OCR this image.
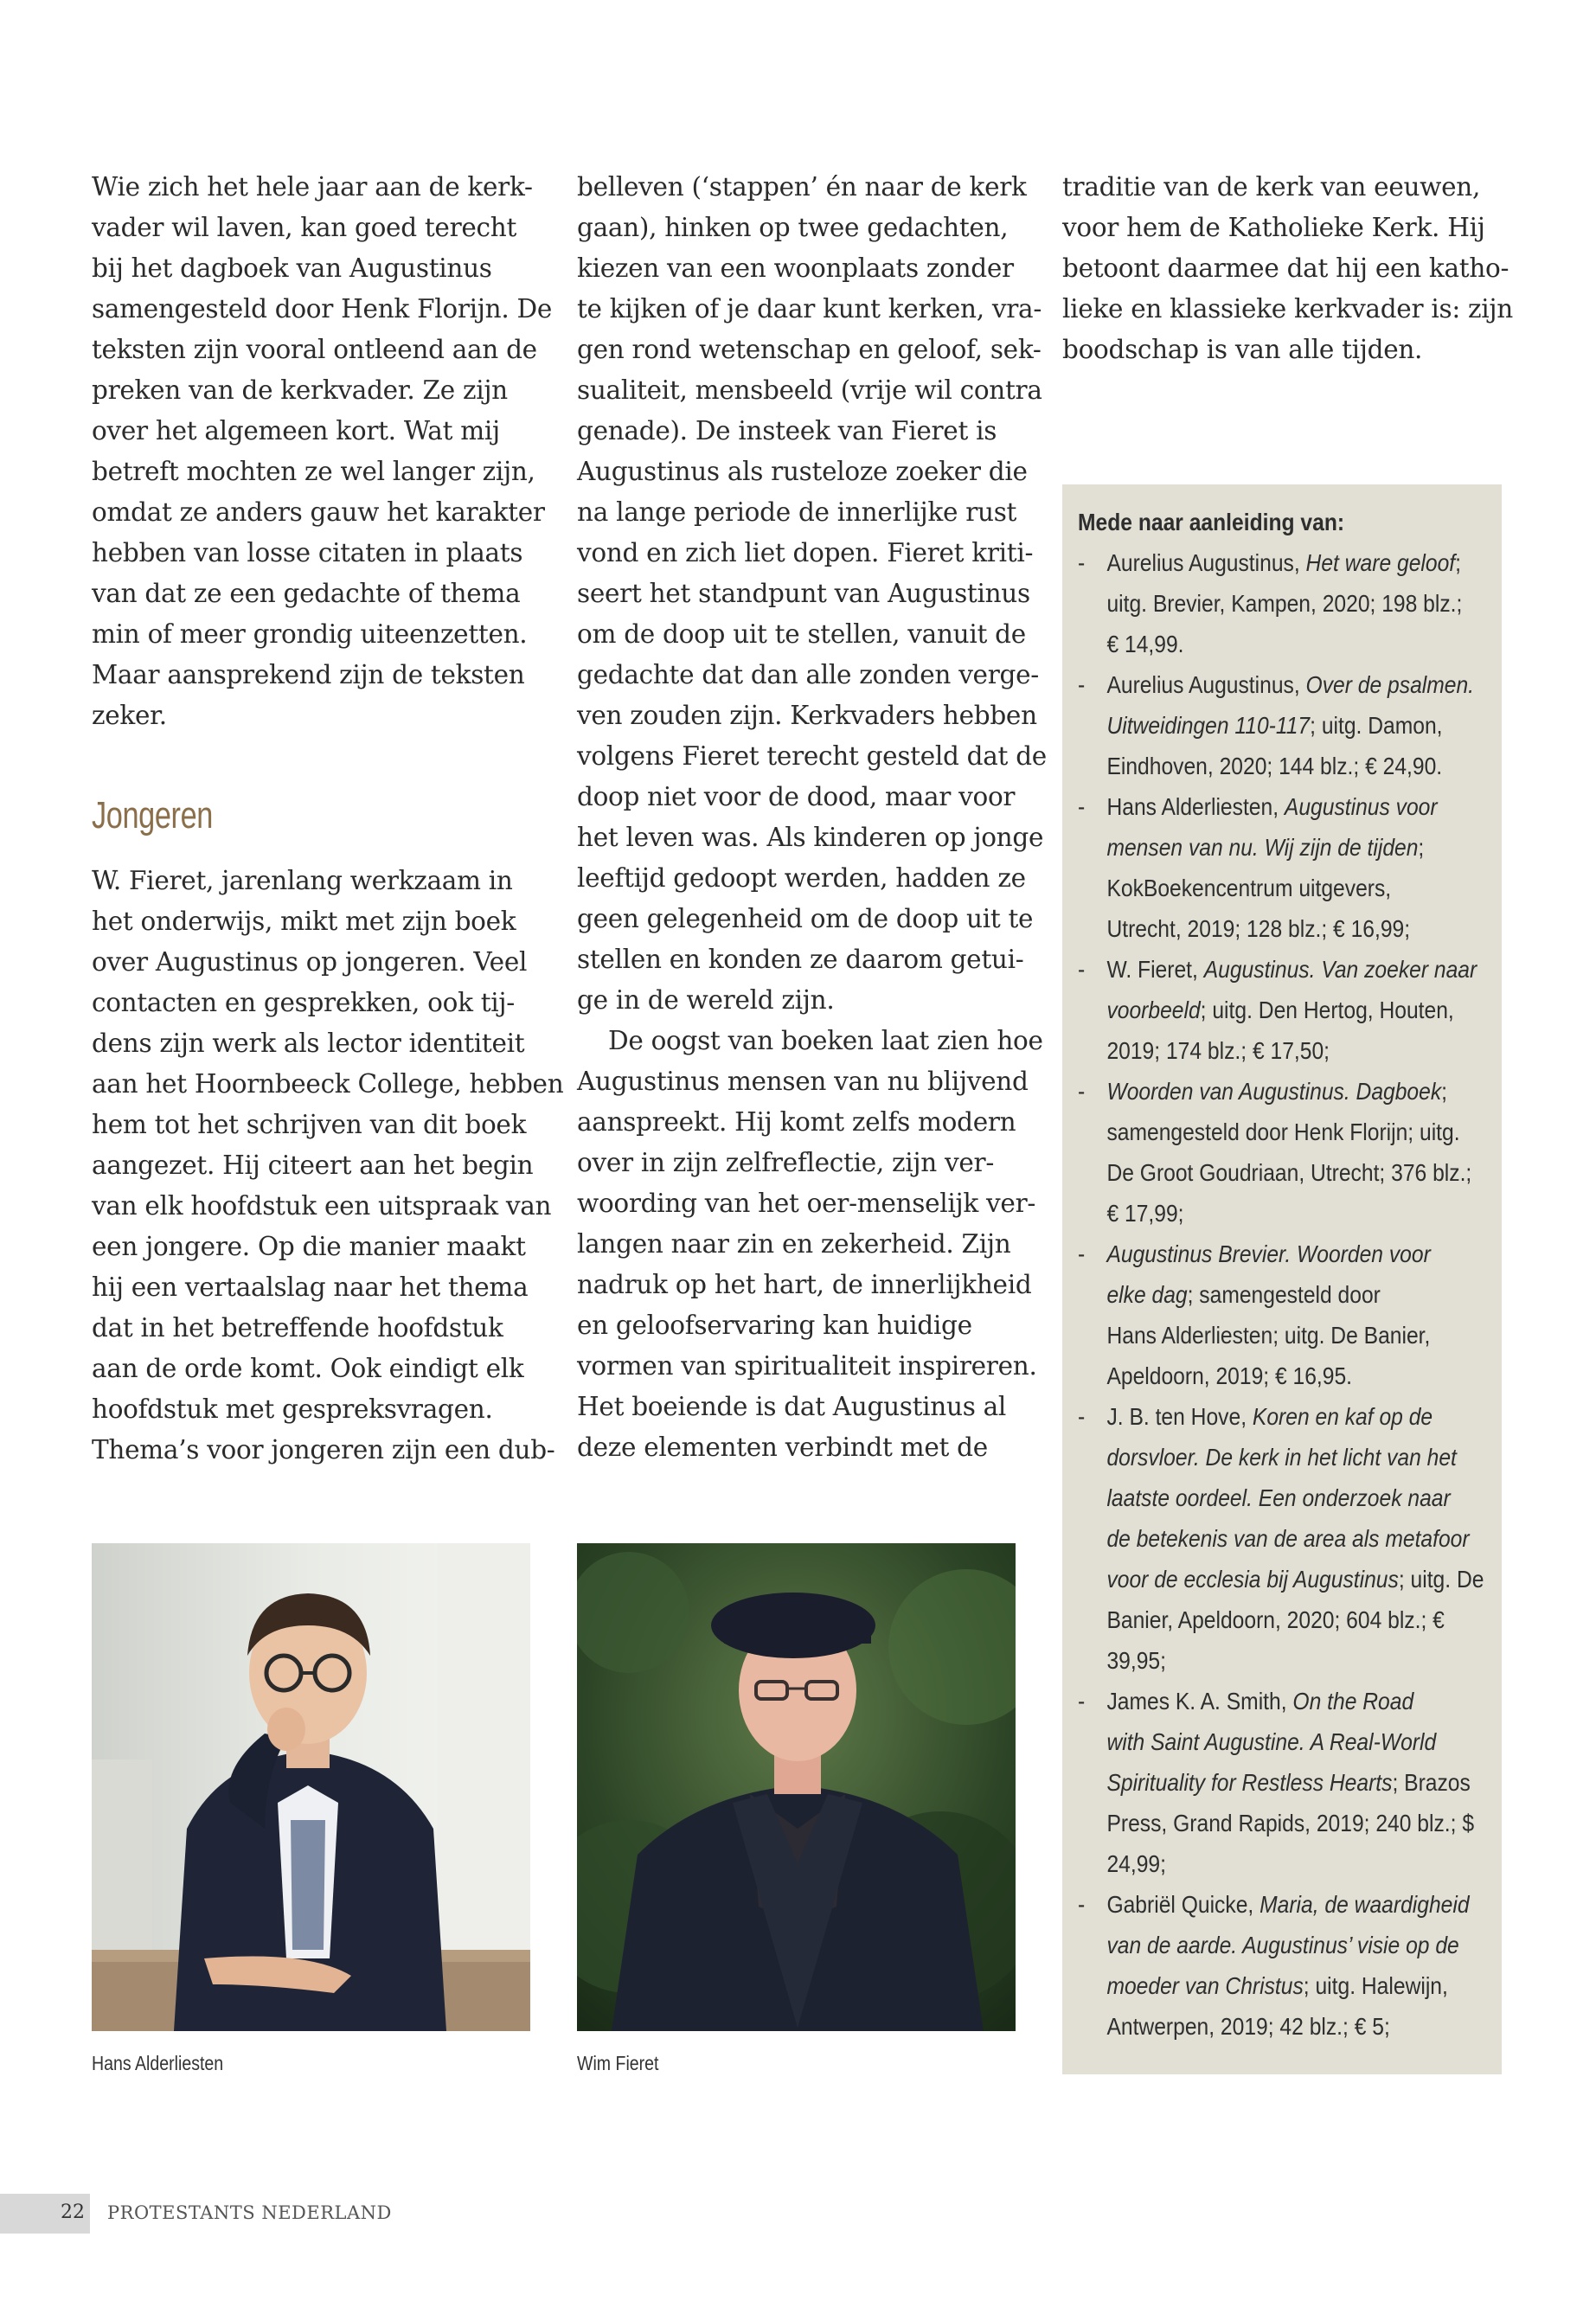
Wie zich het hele jaar aan de kerk-
vader wil laven, kan goed terecht
bij het dagboek van Augustinus
samengesteld door Henk Florijn. De
teksten zijn vooral ontleend aan de
preken van de kerkvader. Ze zijn
over het algemeen kort. Wat mij
betreft mochten ze wel langer zijn,
omdat ze anders gauw het karakter
hebben van losse citaten in plaats
van dat ze een gedachte of thema
min of meer grondig uiteenzetten.
Maar aansprekend zijn de teksten
zeker.
Jongeren
W. Fieret, jarenlang werkzaam in
het onderwijs, mikt met zijn boek
over Augustinus op jongeren. Veel
contacten en gesprekken, ook tij-
dens zijn werk als lector identiteit
aan het Hoornbeeck College, hebben
hem tot het schrijven van dit boek
aangezet. Hij citeert aan het begin
van elk hoofdstuk een uitspraak van
een jongere. Op die manier maakt
hij een vertaalslag naar het thema
dat in het betreffende hoofdstuk
aan de orde komt. Ook eindigt elk
hoofdstuk met gespreksvragen.
Thema’s voor jongeren zijn een dub-
belleven (‘stappen’ én naar de kerk
gaan), hinken op twee gedachten,
kiezen van een woonplaats zonder
te kijken of je daar kunt kerken, vra-
gen rond wetenschap en geloof, sek-
sualiteit, mensbeeld (vrije wil contra
genade). De insteek van Fieret is
Augustinus als rusteloze zoeker die
na lange periode de innerlijke rust
vond en zich liet dopen. Fieret kriti-
seert het standpunt van Augustinus
om de doop uit te stellen, vanuit de
gedachte dat dan alle zonden verge-
ven zouden zijn. Kerkvaders hebben
volgens Fieret terecht gesteld dat de
doop niet voor de dood, maar voor
het leven was. Als kinderen op jonge
leeftijd gedoopt werden, hadden ze
geen gelegenheid om de doop uit te
stellen en konden ze daarom getui-
ge in de wereld zijn.
De oogst van boeken laat zien hoe
Augustinus mensen van nu blijvend
aanspreekt. Hij komt zelfs modern
over in zijn zelfreflectie, zijn ver-
woording van het oer-menselijk ver-
langen naar zin en zekerheid. Zijn
nadruk op het hart, de innerlijkheid
en geloofservaring kan huidige
vormen van spiritualiteit inspireren.
Het boeiende is dat Augustinus al
deze elementen verbindt met de
traditie van de kerk van eeuwen,
voor hem de Katholieke Kerk. Hij
betoont daarmee dat hij een katho-
lieke en klassieke kerkvader is: zijn
boodschap is van alle tijden.
Mede naar aanleiding van:
- Aurelius Augustinus, Het ware geloof;
uitg. Brevier, Kampen, 2020; 198 blz.;
€ 14,99.
- Aurelius Augustinus, Over de psalmen.
Uitweidingen 110-117; uitg. Damon,
Eindhoven, 2020; 144 blz.; € 24,90.
- Hans Alderliesten, Augustinus voor
mensen van nu. Wij zijn de tijden;
KokBoekencentrum uitgevers,
Utrecht, 2019; 128 blz.; € 16,99;
- W. Fieret, Augustinus. Van zoeker naar
voorbeeld; uitg. Den Hertog, Houten,
2019; 174 blz.; € 17,50;
- Woorden van Augustinus. Dagboek;
samengesteld door Henk Florijn; uitg.
De Groot Goudriaan, Utrecht; 376 blz.;
€ 17,99;
- Augustinus Brevier. Woorden voor
elke dag; samengesteld door
Hans Alderliesten; uitg. De Banier,
Apeldoorn, 2019; € 16,95.
- J. B. ten Hove, Koren en kaf op de
dorsvloer. De kerk in het licht van het
laatste oordeel. Een onderzoek naar
de betekenis van de area als metafoor
voor de ecclesia bij Augustinus; uitg. De
Banier, Apeldoorn, 2020; 604 blz.; €
39,95;
- James K. A. Smith, On the Road
with Saint Augustine. A Real-World
Spirituality for Restless Hearts; Brazos
Press, Grand Rapids, 2019; 240 blz.; $
24,99;
- Gabriël Quicke, Maria, de waardigheid
van de aarde. Augustinus’ visie op de
moeder van Christus; uitg. Halewijn,
Antwerpen, 2019; 42 blz.; € 5;
Hans Alderliesten	Wim Fieret
22 PROTESTANTS NEDERLAND
